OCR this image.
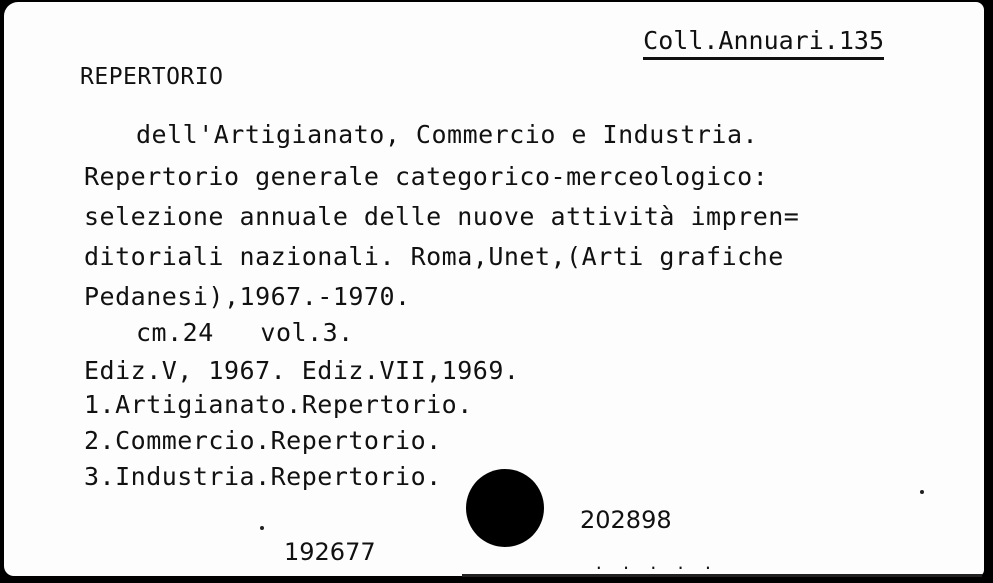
Coll.Annuari.135
REPERTORIO
dell'Artigianato, Commercio e Industria.
Repertorio generale categorico-merceologico:
selezione annuale delle nuove attività impren=
ditoriali nazionali. Roma,Unet,(Arti grafiche
Pedanesi),1967.-1970.
cm.24   vol.3.
Ediz.V, 1967. Ediz.VII,1969.
1.Artigianato.Repertorio.
2.Commercio.Repertorio.
3.Industria.Repertorio.
202898
192677	. . . . .
